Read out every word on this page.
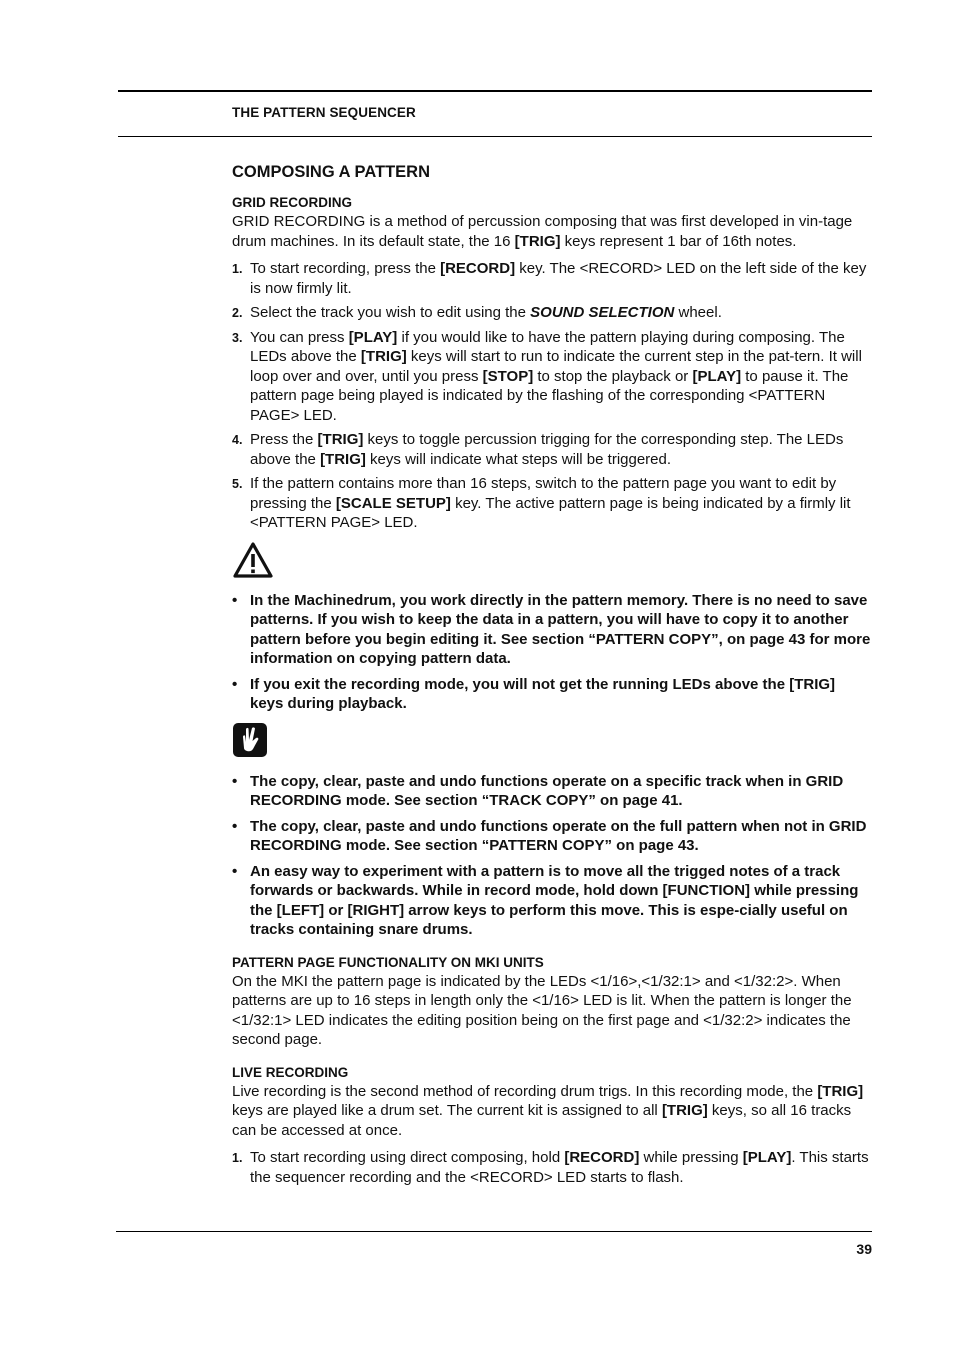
THE PATTERN SEQUENCER
COMPOSING A PATTERN
GRID RECORDING

GRID RECORDING is a method of percussion composing that was first developed in vin-tage drum machines. In its default state, the 16 [TRIG] keys represent 1 bar of 16th notes.

1. To start recording, press the [RECORD] key. The <RECORD> LED on the left side of the key is now firmly lit.
2. Select the track you wish to edit using the SOUND SELECTION wheel.
3. You can press [PLAY] if you would like to have the pattern playing during composing. The LEDs above the [TRIG] keys will start to run to indicate the current step in the pat-tern. It will loop over and over, until you press [STOP] to stop the playback or [PLAY] to pause it. The pattern page being played is indicated by the flashing of the corresponding <PATTERN PAGE> LED.
4. Press the [TRIG] keys to toggle percussion trigging for the corresponding step. The LEDs above the [TRIG] keys will indicate what steps will be triggered.
5. If the pattern contains more than 16 steps, switch to the pattern page you want to edit by pressing the [SCALE SETUP] key. The active pattern page is being indicated by a firmly lit <PATTERN PAGE> LED.
• In the Machinedrum, you work directly in the pattern memory. There is no need to save patterns. If you wish to keep the data in a pattern, you will have to copy it to another pattern before you begin editing it. See section “PATTERN COPY”, on page 43 for more information on copying pattern data.
• If you exit the recording mode, you will not get the running LEDs above the [TRIG] keys during playback.
• The copy, clear, paste and undo functions operate on a specific track when in GRID RECORDING mode. See section “TRACK COPY” on page 41.
• The copy, clear, paste and undo functions operate on the full pattern when not in GRID RECORDING mode. See section “PATTERN COPY” on page 43.
• An easy way to experiment with a pattern is to move all the trigged notes of a track forwards or backwards. While in record mode, hold down [FUNCTION] while pressing the [LEFT] or [RIGHT] arrow keys to perform this move. This is espe-cially useful on tracks containing snare drums.
PATTERN PAGE FUNCTIONALITY ON MKI UNITS

On the MKI the pattern page is indicated by the LEDs <1/16>,<1/32:1> and <1/32:2>. When patterns are up to 16 steps in length only the <1/16> LED is lit. When the pattern is longer the <1/32:1> LED indicates the editing position being on the first page and <1/32:2> indicates the second page.

LIVE RECORDING

Live recording is the second method of recording drum trigs. In this recording mode, the [TRIG] keys are played like a drum set. The current kit is assigned to all [TRIG] keys, so all 16 tracks can be accessed at once.

1. To start recording using direct composing, hold [RECORD] while pressing [PLAY]. This starts the sequencer recording and the <RECORD> LED starts to flash.
39
